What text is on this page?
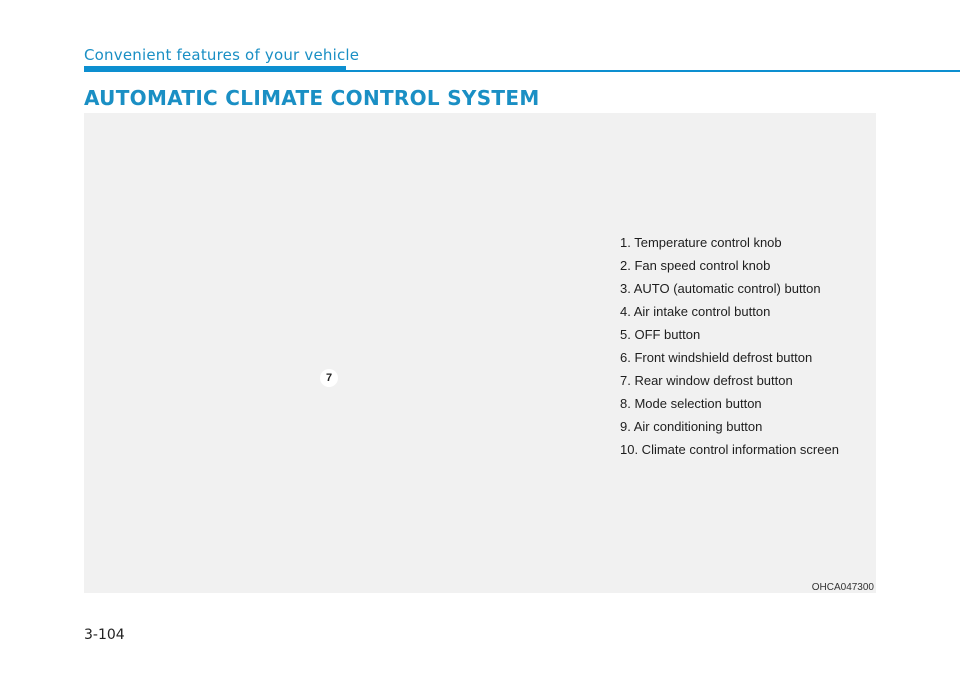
Convenient features of your vehicle
AUTOMATIC CLIMATE CONTROL SYSTEM
7
1. Temperature control knob
2. Fan speed control knob
3. AUTO (automatic control) button
4. Air intake control button
5. OFF button
6. Front windshield defrost button
7. Rear window defrost button
8. Mode selection button
9. Air conditioning button
10. Climate control information screen
OHCA047300
3-104
